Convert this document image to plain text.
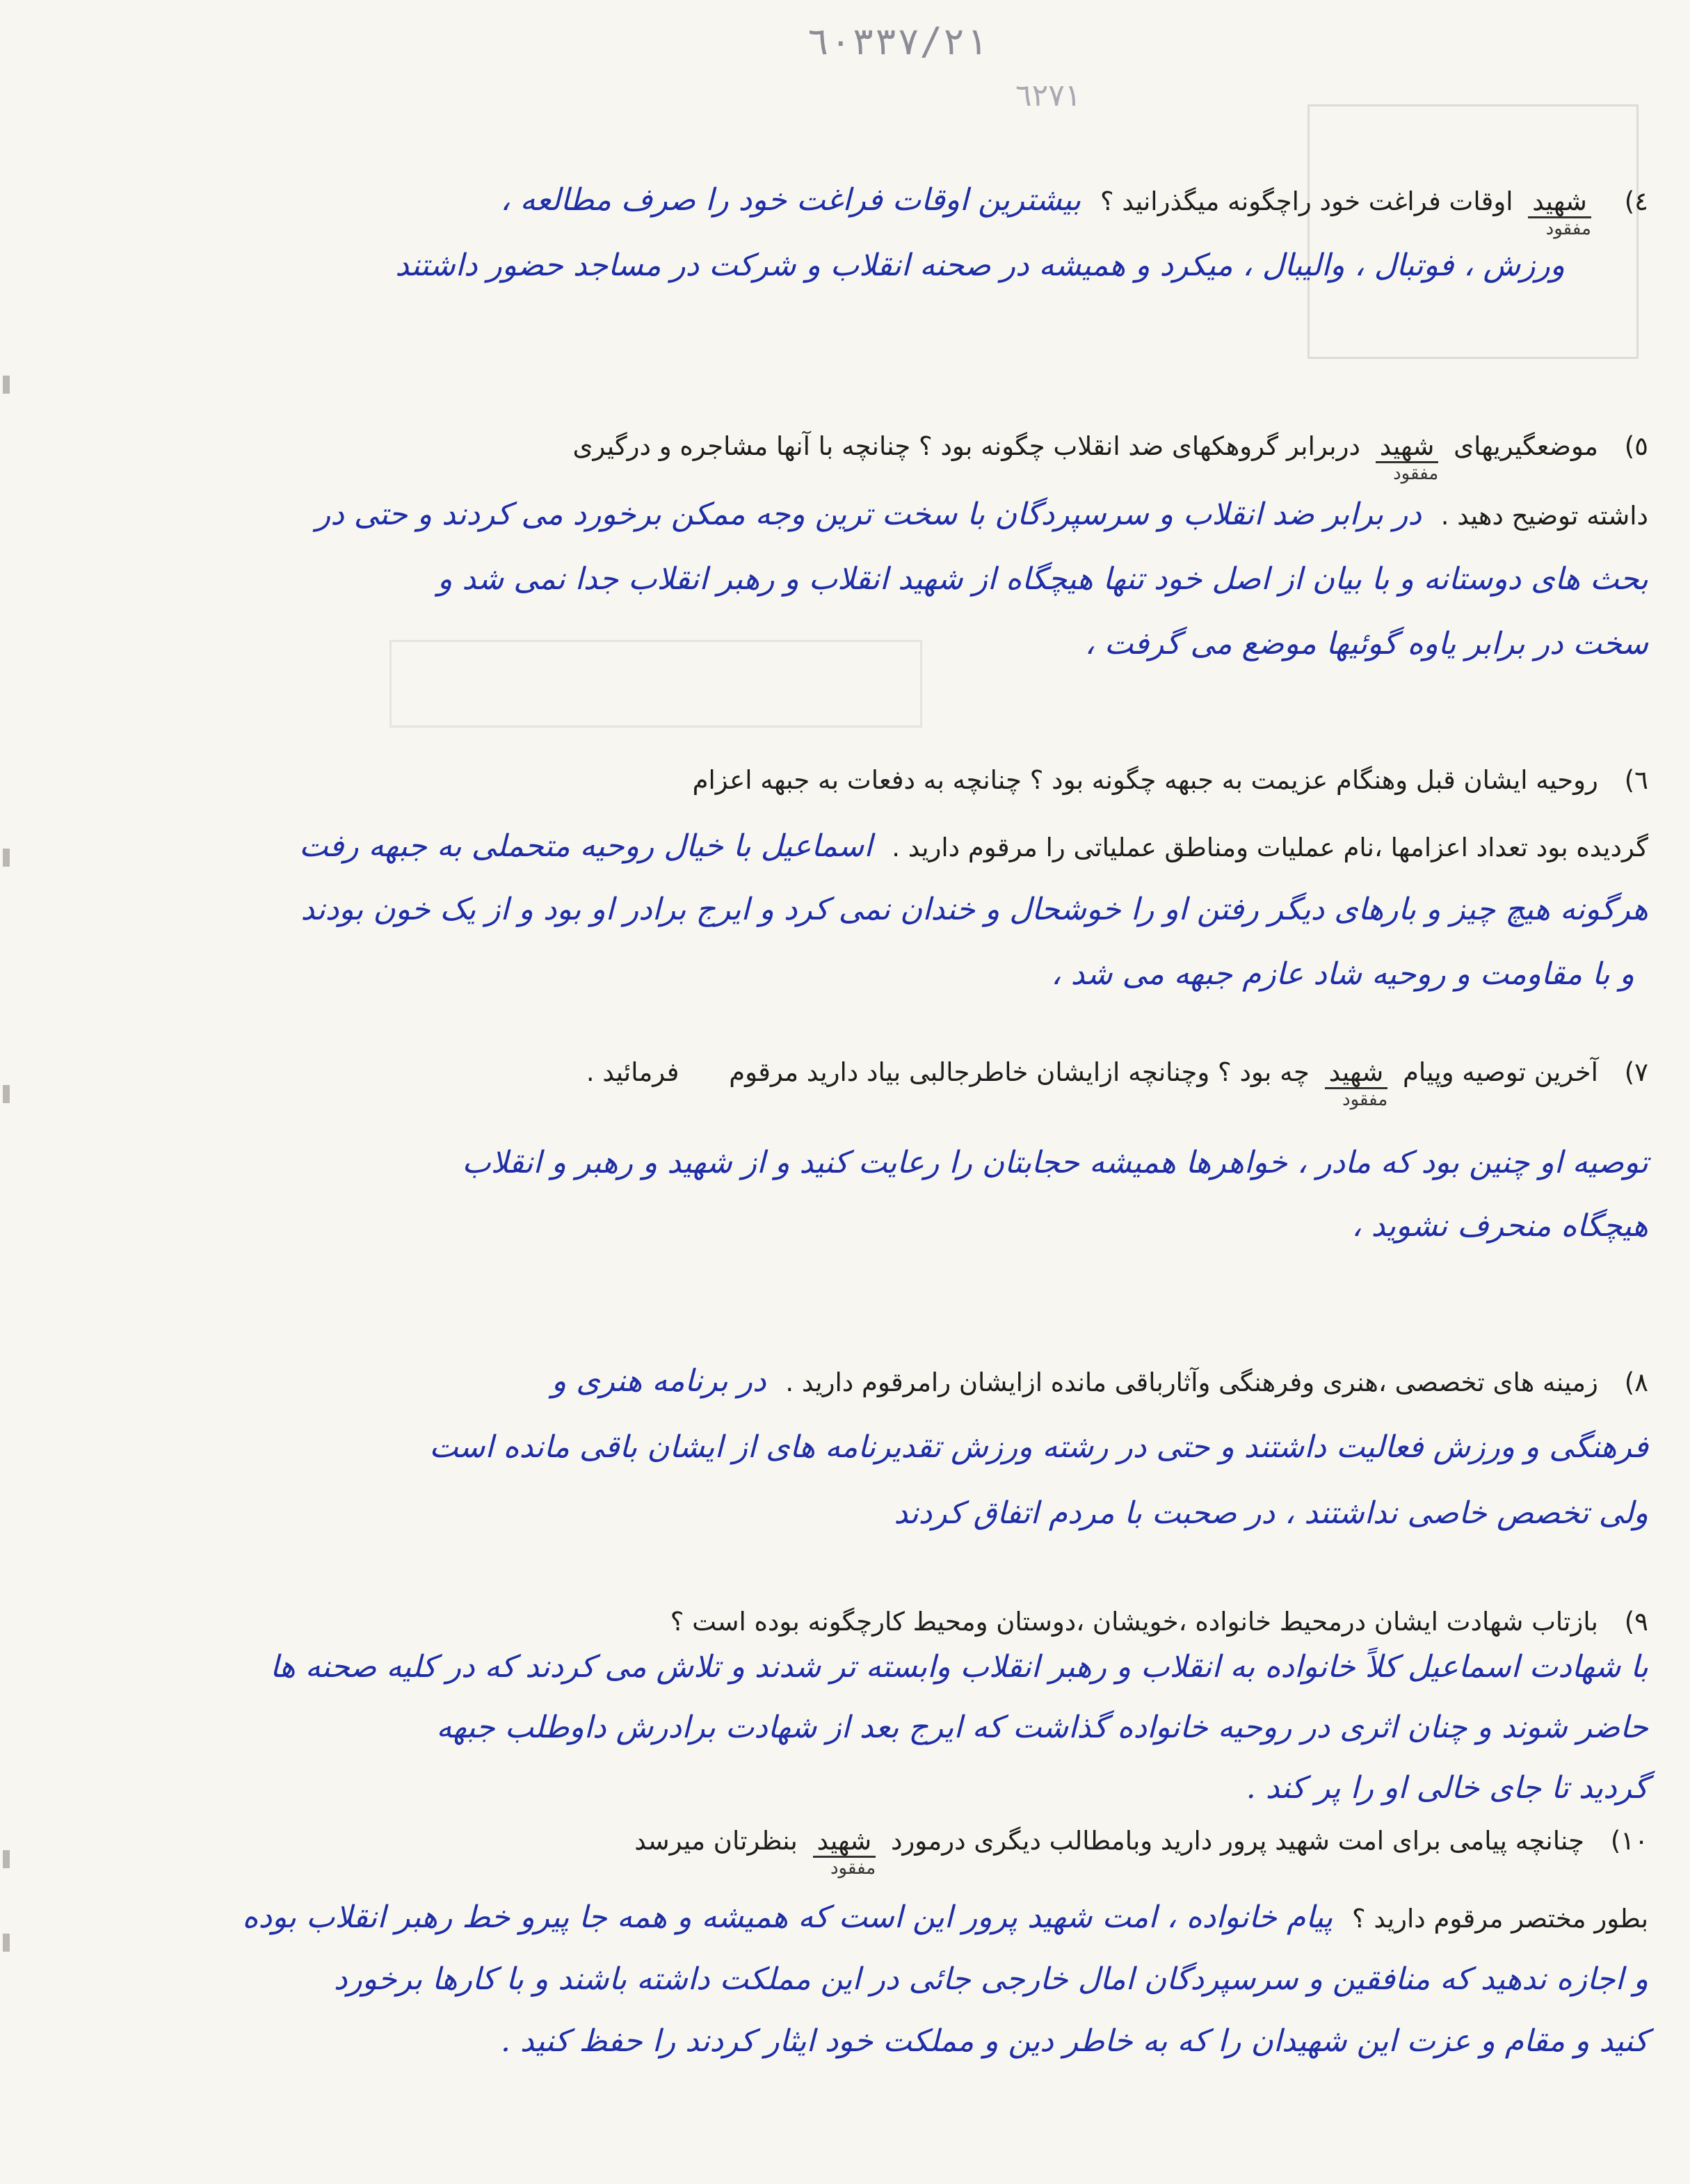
٦٠٣٣٧/٢١
٦٢٧١
٤) شهید
مفقود
اوقات فراغت خود راچگونه میگذرانید ؟ بیشترین اوقات فراغت خود را صرف مطالعه ،
ورزش ، فوتبال ، والیبال ، میکرد و همیشه در صحنه انقلاب و شرکت در مساجد حضور داشتند
٥) موضعگیریهای شهید
مفقود
دربرابر گروهکهای ضد انقلاب چگونه بود ؟ چنانچه با آنها مشاجره و درگیری
داشته توضیح دهید . در برابر ضد انقلاب و سرسپردگان با سخت ترین وجه ممکن برخورد می کردند و حتی در
بحث های دوستانه و با بیان از اصل خود تنها هیچگاه از شهید انقلاب و رهبر انقلاب جدا نمی شد و
سخت در برابر یاوه گوئیها موضع می گرفت ،
٦) روحیه ایشان قبل وهنگام عزیمت به جبهه چگونه بود ؟ چنانچه به دفعات به جبهه اعزام
گردیده بود تعداد اعزامها ،نام عملیات ومناطق عملیاتی را مرقوم دارید . اسماعیل با خیال روحیه متحملی به جبهه رفت
هرگونه هیچ چیز و بارهای دیگر رفتن او را خوشحال و خندان نمی کرد و ایرج برادر او بود و از یک خون بودند
و با مقاومت و روحیه شاد عازم جبهه می شد ،
٧) آخرین توصیه وپیام شهید
مفقود
چه بود ؟ وچنانچه ازایشان خاطرجالبی بیاد دارید مرقوم فرمائید .
توصیه او چنین بود که مادر ، خواهرها همیشه حجابتان را رعایت کنید و از شهید و رهبر و انقلاب
هیچگاه منحرف نشوید ،
٨) زمینه های تخصصی ،هنری وفرهنگی وآثارباقی مانده ازایشان رامرقوم دارید . در برنامه هنری و
فرهنگی و ورزش فعالیت داشتند و حتی در رشته ورزش تقدیرنامه های از ایشان باقی مانده است
ولی تخصص خاصی نداشتند ، در صحبت با مردم اتفاق کردند
٩) بازتاب شهادت ایشان درمحیط خانواده ،خویشان ،دوستان ومحیط کارچگونه بوده است ؟
با شهادت اسماعیل کلاً خانواده به انقلاب و رهبر انقلاب وابسته تر شدند و تلاش می کردند که در کلیه صحنه ها
حاضر شوند و چنان اثری در روحیه خانواده گذاشت که ایرج بعد از شهادت برادرش داوطلب جبهه
گردید تا جای خالی او را پر کند .
١٠) چنانچه پیامی برای امت شهید پرور دارید وبامطالب دیگری درمورد شهید
مفقود
بنظرتان میرسد
بطور مختصر مرقوم دارید ؟ پیام خانواده ، امت شهید پرور این است که همیشه و همه جا پیرو خط رهبر انقلاب بوده
و اجازه ندهید که منافقین و سرسپردگان امال خارجی جائی در این مملکت داشته باشند و با کارها برخورد
کنید و مقام و عزت این شهیدان را که به خاطر دین و مملکت خود ایثار کردند را حفظ کنید .
